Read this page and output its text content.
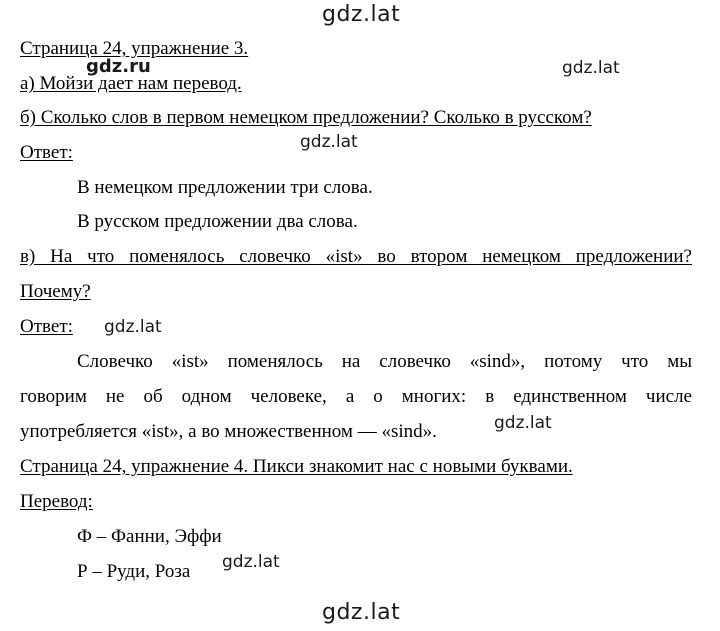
gdz.lat
gdz.ru	gdz.lat
gdz.lat
gdz.lat
gdz.lat
gdz.lat
gdz.lat
Страница 24, упражнение 3.
а) Мойзи дает нам перевод.
б) Сколько слов в первом немецком предложении? Сколько в русском?
Ответ:
В немецком предложении три слова.
В русском предложении два слова.
в) На что поменялось словечко «ist» во втором немецком предложении?
Почему?
Ответ:
Словечко «ist» поменялось на словечко «sind», потому что мы
говорим не об одном человеке, а о многих: в единственном числе
употребляется «ist», а во множественном — «sind».
Страница 24, упражнение 4. Пикси знакомит нас с новыми буквами.
Перевод:
Ф – Фанни, Эффи
Р – Руди, Роза
